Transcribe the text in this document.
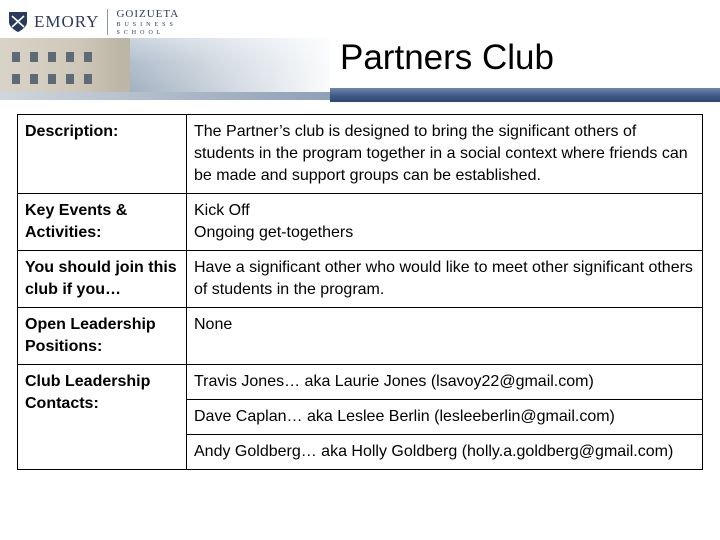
EMORY GOIZUETA
BUSINESS
SCHOOL
Partners Club
Description:	The Partner’s club is designed to bring the significant others of students in the program together in a social context where friends can be made and support groups can be established.
Key Events & Activities:	Kick Off
Ongoing get-togethers

You should join this club if you…	Have a significant other who would like to meet other significant others of students in the program.
Open Leadership Positions:	None
Club Leadership Contacts:	Travis Jones… aka Laurie Jones (lsavoy22@gmail.com)
Dave Caplan… aka Leslee Berlin (lesleeberlin@gmail.com)
Andy Goldberg… aka Holly Goldberg (holly.a.goldberg@gmail.com)
